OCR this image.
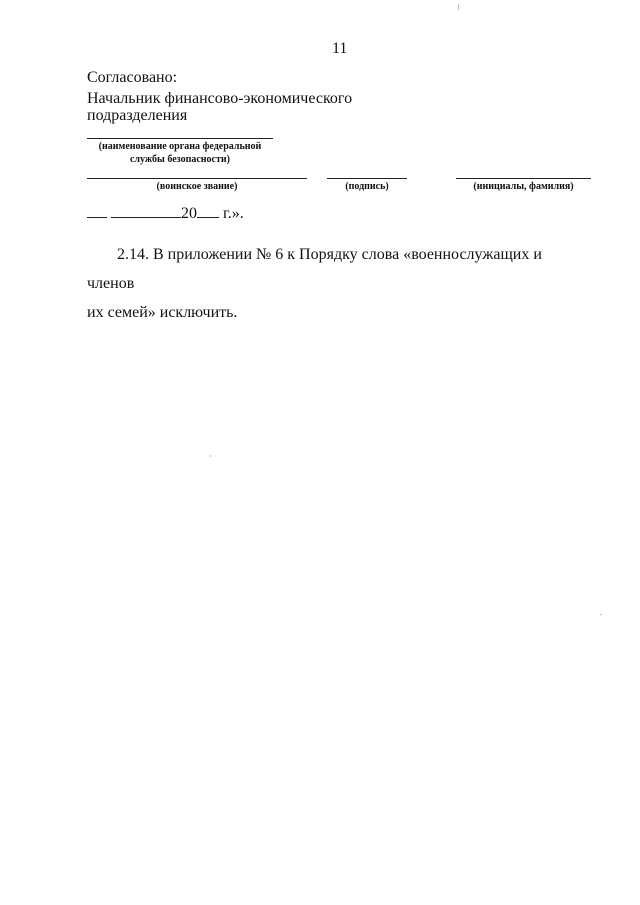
11
Согласовано:
Начальник финансово-экономического
подразделения
(наименование органа федеральной
службы безопасности)
(воинское звание)	(подпись)	(инициалы, фамилия)
20 г.».
2.14. В приложении № 6 к Порядку слова «военнослужащих и членов
их семей» исключить.
